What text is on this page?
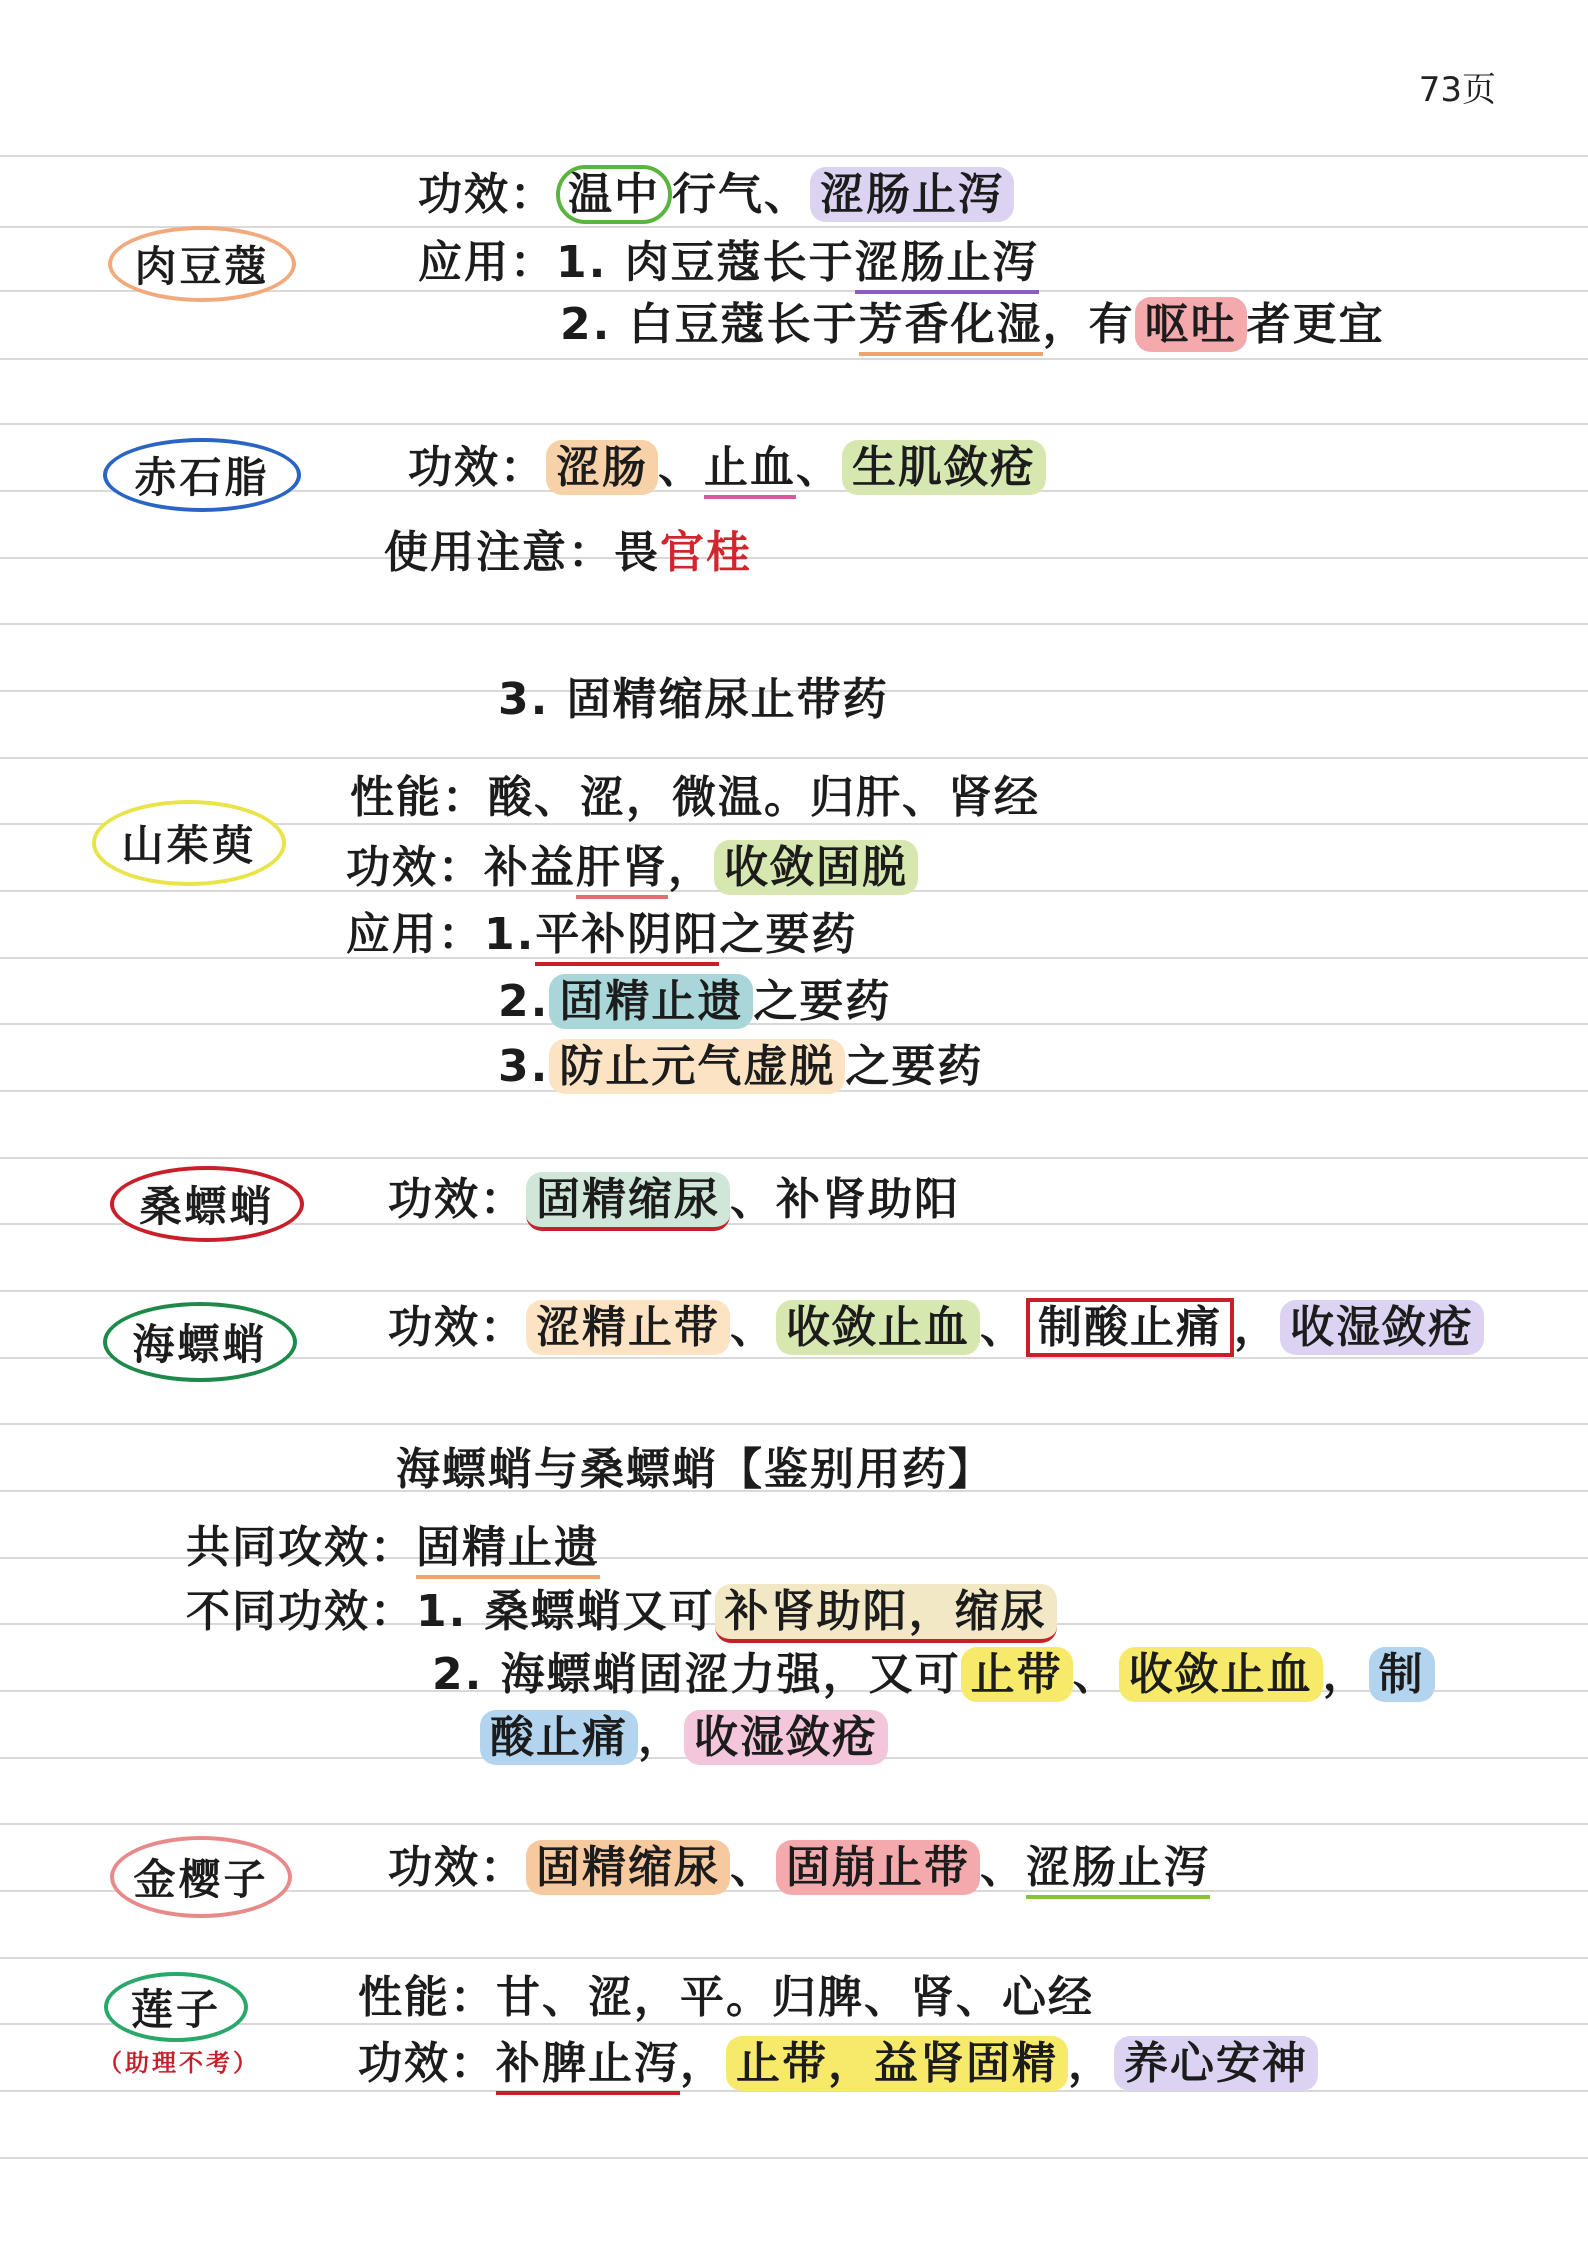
73页
肉豆蔻
功效： 温中 行气、 涩肠止泻
应用：1. 肉豆蔻长于涩肠止泻
2. 白豆蔻长于芳香化湿，有 呕吐 者更宜
赤石脂	功效： 涩肠 、止血、 生肌敛疮
使用注意：畏官桂
3. 固精缩尿止带药
山茱萸
性能：酸、涩，微温。归肝、肾经
功效：补益肝肾， 收敛固脱
应用：1.平补阴阳之要药
2. 固精止遗 之要药
3. 防止元气虚脱 之要药
桑螵蛸	功效： 固精缩尿 、补肾助阳
海螵蛸	功效： 涩精止带 、 收敛止血 、 制酸止痛 ， 收湿敛疮
海螵蛸与桑螵蛸【鉴别用药】
共同攻效：固精止遗
不同功效：1. 桑螵蛸又可 补肾助阳，缩尿
2. 海螵蛸固涩力强，又可 止带 、 收敛止血 ， 制
酸止痛 ， 收湿敛疮
金樱子	功效： 固精缩尿 、 固崩止带 、涩肠止泻
莲子
（助理不考）
性能：甘、涩，平。归脾、肾、心经
功效：补脾止泻， 止带，益肾固精 ， 养心安神
